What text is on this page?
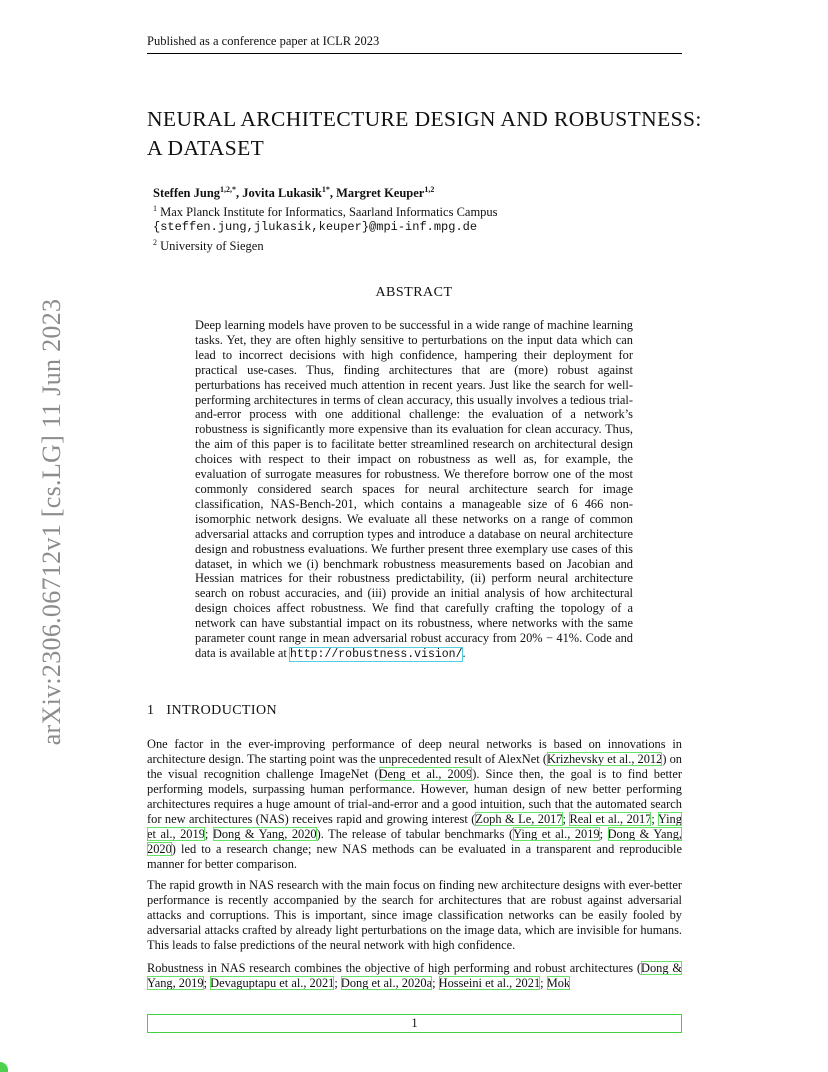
Published as a conference paper at ICLR 2023
arXiv:2306.06712v1 [cs.LG] 11 Jun 2023
NEURAL ARCHITECTURE DESIGN AND ROBUSTNESS:
A DATASET
Steffen Jung$^{1,2,*}$, Jovita Lukasik$^{1*}$, Margret Keuper$^{1,2}$
$^1$ Max Planck Institute for Informatics, Saarland Informatics Campus
{steffen.jung,jlukasik,keuper}@mpi-inf.mpg.de
$^2$ University of Siegen
ABSTRACT
Deep learning models have proven to be successful in a wide range of machine learning tasks. Yet, they are often highly sensitive to perturbations on the input data which can lead to incorrect decisions with high confidence, hampering their deployment for practical use-cases. Thus, finding architectures that are (more) robust against perturbations has received much attention in recent years. Just like the search for well-performing architectures in terms of clean accuracy, this usually involves a tedious trial-and-error process with one additional challenge: the evaluation of a network’s robustness is significantly more expensive than its evaluation for clean accuracy. Thus, the aim of this paper is to facilitate better streamlined research on architectural design choices with respect to their impact on robustness as well as, for example, the evaluation of surrogate measures for robustness. We therefore borrow one of the most commonly considered search spaces for neural architecture search for image classification, NAS-Bench-201, which contains a manageable size of 6 466 non-isomorphic network designs. We evaluate all these networks on a range of common adversarial attacks and corruption types and introduce a database on neural architecture design and robustness evaluations. We further present three exemplary use cases of this dataset, in which we (i) benchmark robustness measurements based on Jacobian and Hessian matrices for their robustness predictability, (ii) perform neural architecture search on robust accuracies, and (iii) provide an initial analysis of how architectural design choices affect robustness. We find that carefully crafting the topology of a network can have substantial impact on its robustness, where networks with the same parameter count range in mean adversarial robust accuracy from 20% − 41%. Code and data is available at http://robustness.vision/.
1 INTRODUCTION
One factor in the ever-improving performance of deep neural networks is based on innovations in architecture design. The starting point was the unprecedented result of AlexNet (Krizhevsky et al., 2012) on the visual recognition challenge ImageNet (Deng et al., 2009). Since then, the goal is to find better performing models, surpassing human performance. However, human design of new better performing architectures requires a huge amount of trial-and-error and a good intuition, such that the automated search for new architectures (NAS) receives rapid and growing interest (Zoph & Le, 2017; Real et al., 2017; Ying et al., 2019; Dong & Yang, 2020). The release of tabular benchmarks (Ying et al., 2019; Dong & Yang, 2020) led to a research change; new NAS methods can be evaluated in a transparent and reproducible manner for better comparison.
The rapid growth in NAS research with the main focus on finding new architecture designs with ever-better performance is recently accompanied by the search for architectures that are robust against adversarial attacks and corruptions. This is important, since image classification networks can be easily fooled by adversarial attacks crafted by already light perturbations on the image data, which are invisible for humans. This leads to false predictions of the neural network with high confidence.
Robustness in NAS research combines the objective of high performing and robust architectures (Dong & Yang, 2019; Devaguptapu et al., 2021; Dong et al., 2020a; Hosseini et al., 2021; Mok
1
